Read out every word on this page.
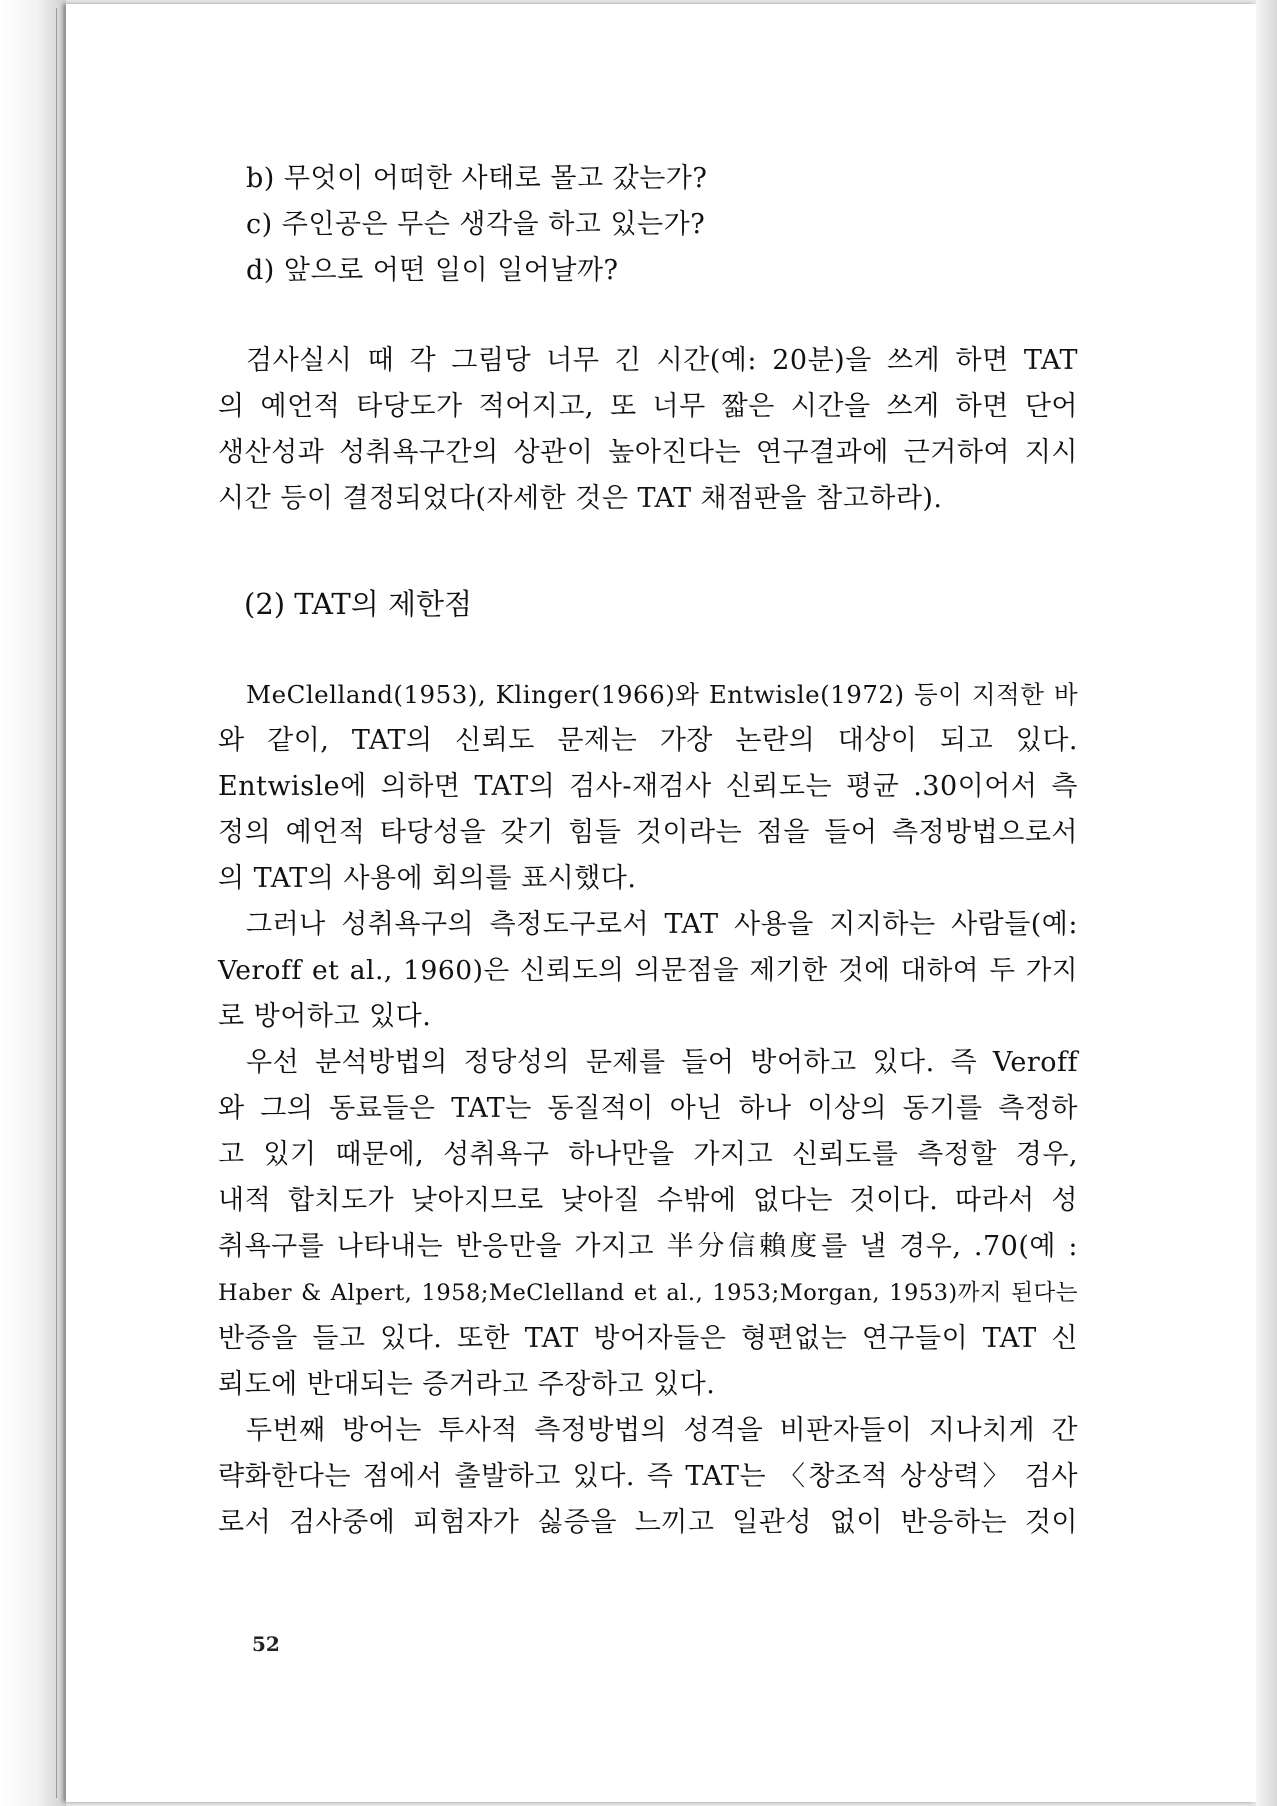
b) 무엇이 어떠한 사태로 몰고 갔는가?
c) 주인공은 무슨 생각을 하고 있는가?
d) 앞으로 어떤 일이 일어날까?
검사실시 때 각 그림당 너무 긴 시간(예: 20분)을 쓰게 하면 TAT
의 예언적 타당도가 적어지고, 또 너무 짧은 시간을 쓰게 하면 단어
생산성과 성취욕구간의 상관이 높아진다는 연구결과에 근거하여 지시
시간 등이 결정되었다(자세한 것은 TAT 채점판을 참고하라).
(2) TAT의 제한점
MeClelland(1953), Klinger(1966)와 Entwisle(1972) 등이 지적한 바
와 같이, TAT의 신뢰도 문제는 가장 논란의 대상이 되고 있다.
Entwisle에 의하면 TAT의 검사-재검사 신뢰도는 평균 .30이어서 측
정의 예언적 타당성을 갖기 힘들 것이라는 점을 들어 측정방법으로서
의 TAT의 사용에 회의를 표시했다.
그러나 성취욕구의 측정도구로서 TAT 사용을 지지하는 사람들(예:
Veroff et al., 1960)은 신뢰도의 의문점을 제기한 것에 대하여 두 가지
로 방어하고 있다.
우선 분석방법의 정당성의 문제를 들어 방어하고 있다. 즉 Veroff
와 그의 동료들은 TAT는 동질적이 아닌 하나 이상의 동기를 측정하
고 있기 때문에, 성취욕구 하나만을 가지고 신뢰도를 측정할 경우,
내적 합치도가 낮아지므로 낮아질 수밖에 없다는 것이다. 따라서 성
취욕구를 나타내는 반응만을 가지고 半分信賴度를 낼 경우, .70(예 :
Haber & Alpert, 1958;MeClelland et al., 1953;Morgan, 1953)까지 된다는
반증을 들고 있다. 또한 TAT 방어자들은 형편없는 연구들이 TAT 신
뢰도에 반대되는 증거라고 주장하고 있다.
두번째 방어는 투사적 측정방법의 성격을 비판자들이 지나치게 간
략화한다는 점에서 출발하고 있다. 즉 TAT는 〈창조적 상상력〉 검사
로서 검사중에 피험자가 싫증을 느끼고 일관성 없이 반응하는 것이
52
